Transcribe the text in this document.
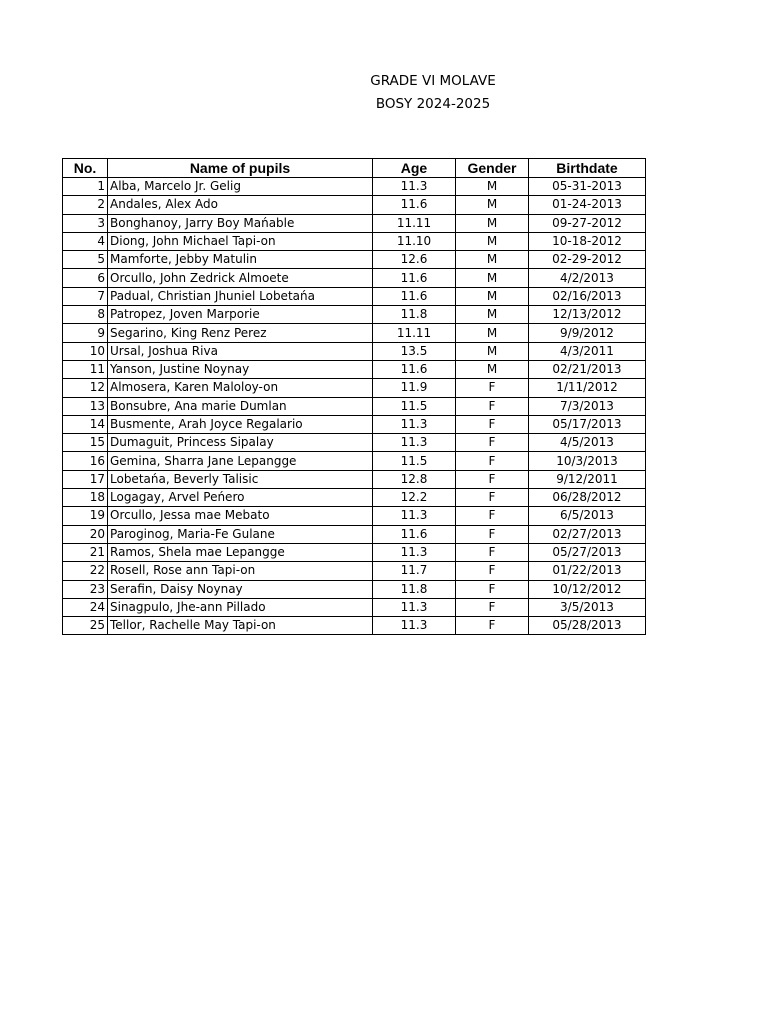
GRADE VI MOLAVE
BOSY 2024-2025
No.	Name of pupils	Age	Gender	Birthdate
1	Alba, Marcelo Jr. Gelig	11.3	M	05-31-2013
2	Andales, Alex Ado	11.6	M	01-24-2013
3	Bonghanoy, Jarry Boy Mańable	11.11	M	09-27-2012
4	Diong, John Michael Tapi-on	11.10	M	10-18-2012
5	Mamforte, Jebby Matulin	12.6	M	02-29-2012
6	Orcullo, John Zedrick Almoete	11.6	M	4/2/2013
7	Padual, Christian Jhuniel Lobetańa	11.6	M	02/16/2013
8	Patropez, Joven Marporie	11.8	M	12/13/2012
9	Segarino, King Renz Perez	11.11	M	9/9/2012
10	Ursal, Joshua Riva	13.5	M	4/3/2011
11	Yanson, Justine Noynay	11.6	M	02/21/2013
12	Almosera, Karen Maloloy-on	11.9	F	1/11/2012
13	Bonsubre, Ana marie Dumlan	11.5	F	7/3/2013
14	Busmente, Arah Joyce Regalario	11.3	F	05/17/2013
15	Dumaguit, Princess Sipalay	11.3	F	4/5/2013
16	Gemina, Sharra Jane Lepangge	11.5	F	10/3/2013
17	Lobetańa, Beverly Talisic	12.8	F	9/12/2011
18	Logagay, Arvel Peńero	12.2	F	06/28/2012
19	Orcullo, Jessa mae Mebato	11.3	F	6/5/2013
20	Paroginog, Maria-Fe Gulane	11.6	F	02/27/2013
21	Ramos, Shela mae Lepangge	11.3	F	05/27/2013
22	Rosell, Rose ann Tapi-on	11.7	F	01/22/2013
23	Serafin, Daisy Noynay	11.8	F	10/12/2012
24	Sinagpulo, Jhe-ann Pillado	11.3	F	3/5/2013
25	Tellor, Rachelle May Tapi-on	11.3	F	05/28/2013
